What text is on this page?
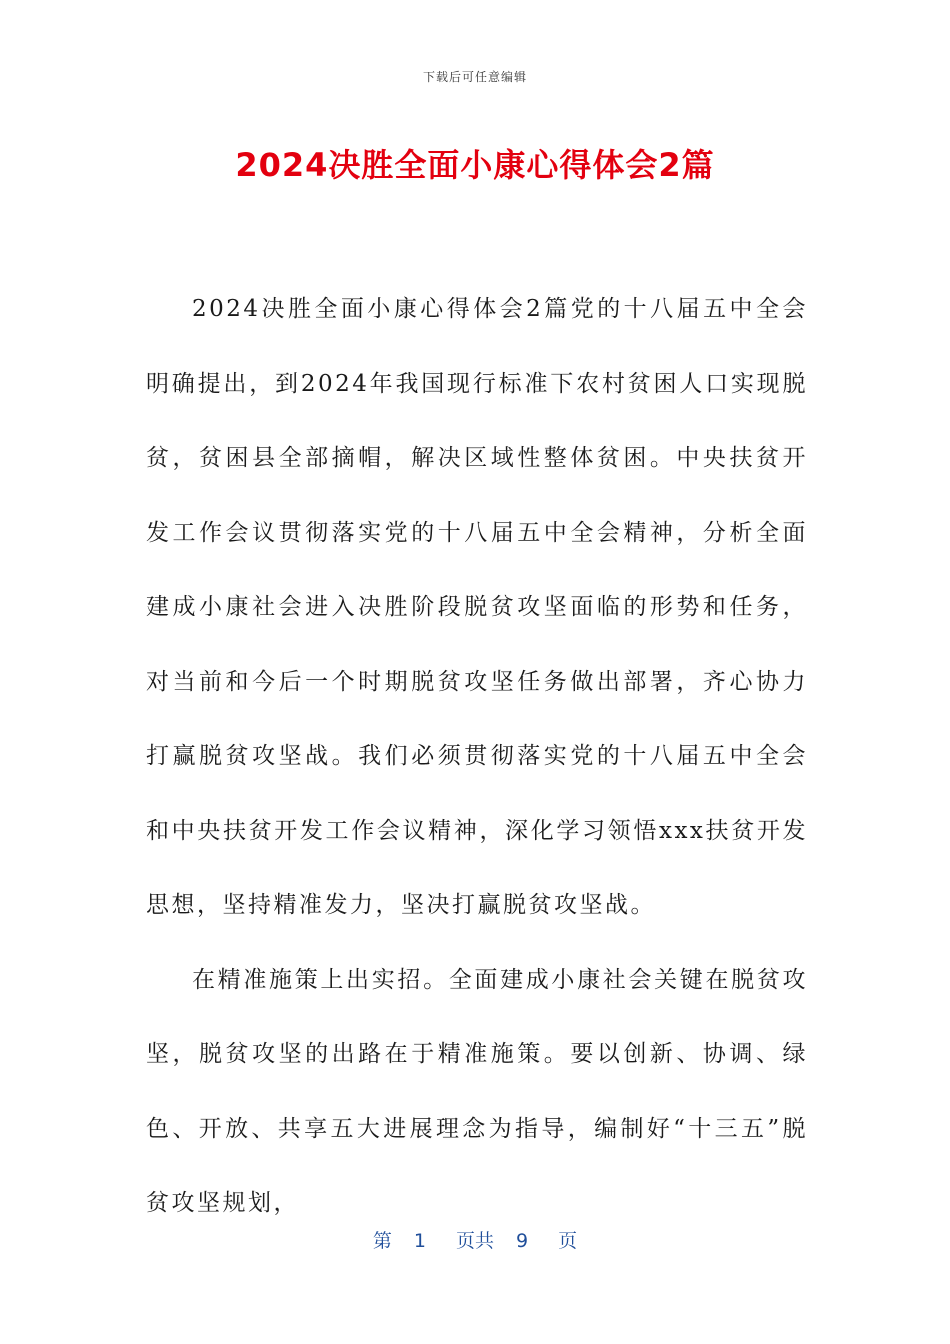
下载后可任意编辑
2024决胜全面小康心得体会2篇

2024决胜全面小康心得体会2篇党的十八届五中全会明确提出，到2024年我国现行标准下农村贫困人口实现脱贫，贫困县全部摘帽，解决区域性整体贫困。中央扶贫开发工作会议贯彻落实党的十八届五中全会精神，分析全面建成小康社会进入决胜阶段脱贫攻坚面临的形势和任务，对当前和今后一个时期脱贫攻坚任务做出部署，齐心协力打赢脱贫攻坚战。我们必须贯彻落实党的十八届五中全会和中央扶贫开发工作会议精神，深化学习领悟xxx扶贫开发思想，坚持精准发力，坚决打赢脱贫攻坚战。

在精准施策上出实招。全面建成小康社会关键在脱贫攻坚，脱贫攻坚的出路在于精准施策。要以创新、协调、绿色、开放、共享五大进展理念为指导，编制好“十三五”脱贫攻坚规划，

第 1 页共 9 页
